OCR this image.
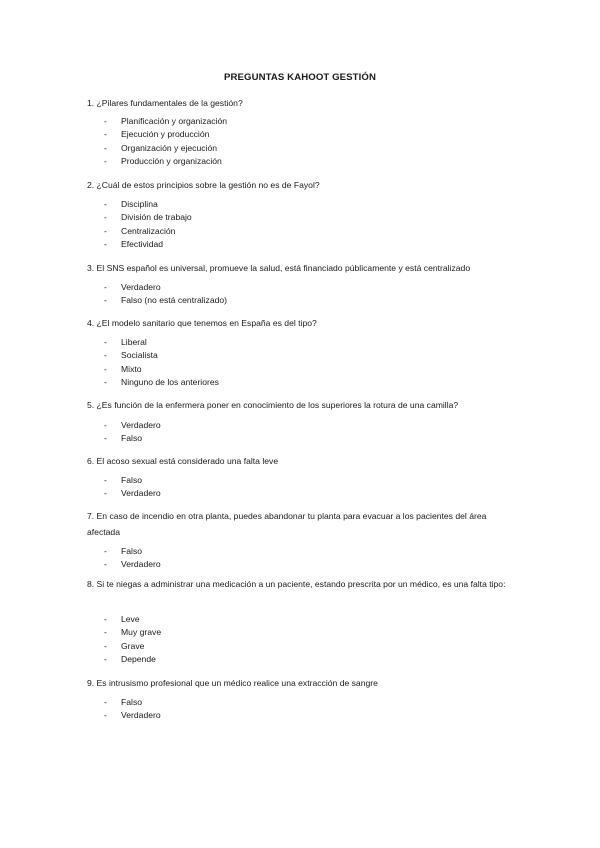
PREGUNTAS KAHOOT GESTIÓN
1. ¿Pilares fundamentales de la gestión?
- Planificación y organización
- Ejecución y producción
- Organización y ejecución
- Producción y organización
2. ¿Cuál de estos principios sobre la gestión no es de Fayol?
- Disciplina
- División de trabajo
- Centralización
- Efectividad
3. El SNS español es universal, promueve la salud, está financiado públicamente y está centralizado
- Verdadero
- Falso (no está centralizado)
4. ¿El modelo sanitario que tenemos en España es del tipo?
- Liberal
- Socialista
- Mixto
- Ninguno de los anteriores
5. ¿Es función de la enfermera poner en conocimiento de los superiores la rotura de una camilla?
- Verdadero
- Falso
6. El acoso sexual está considerado una falta leve
- Falso
- Verdadero
7. En caso de incendio en otra planta, puedes abandonar tu planta para evacuar a los pacientes del área afectada
- Falso
- Verdadero
8. Si te niegas a administrar una medicación a un paciente, estando prescrita por un médico, es una falta tipo:
- Leve
- Muy grave
- Grave
- Depende
9. Es intrusismo profesional que un médico realice una extracción de sangre
- Falso
- Verdadero
